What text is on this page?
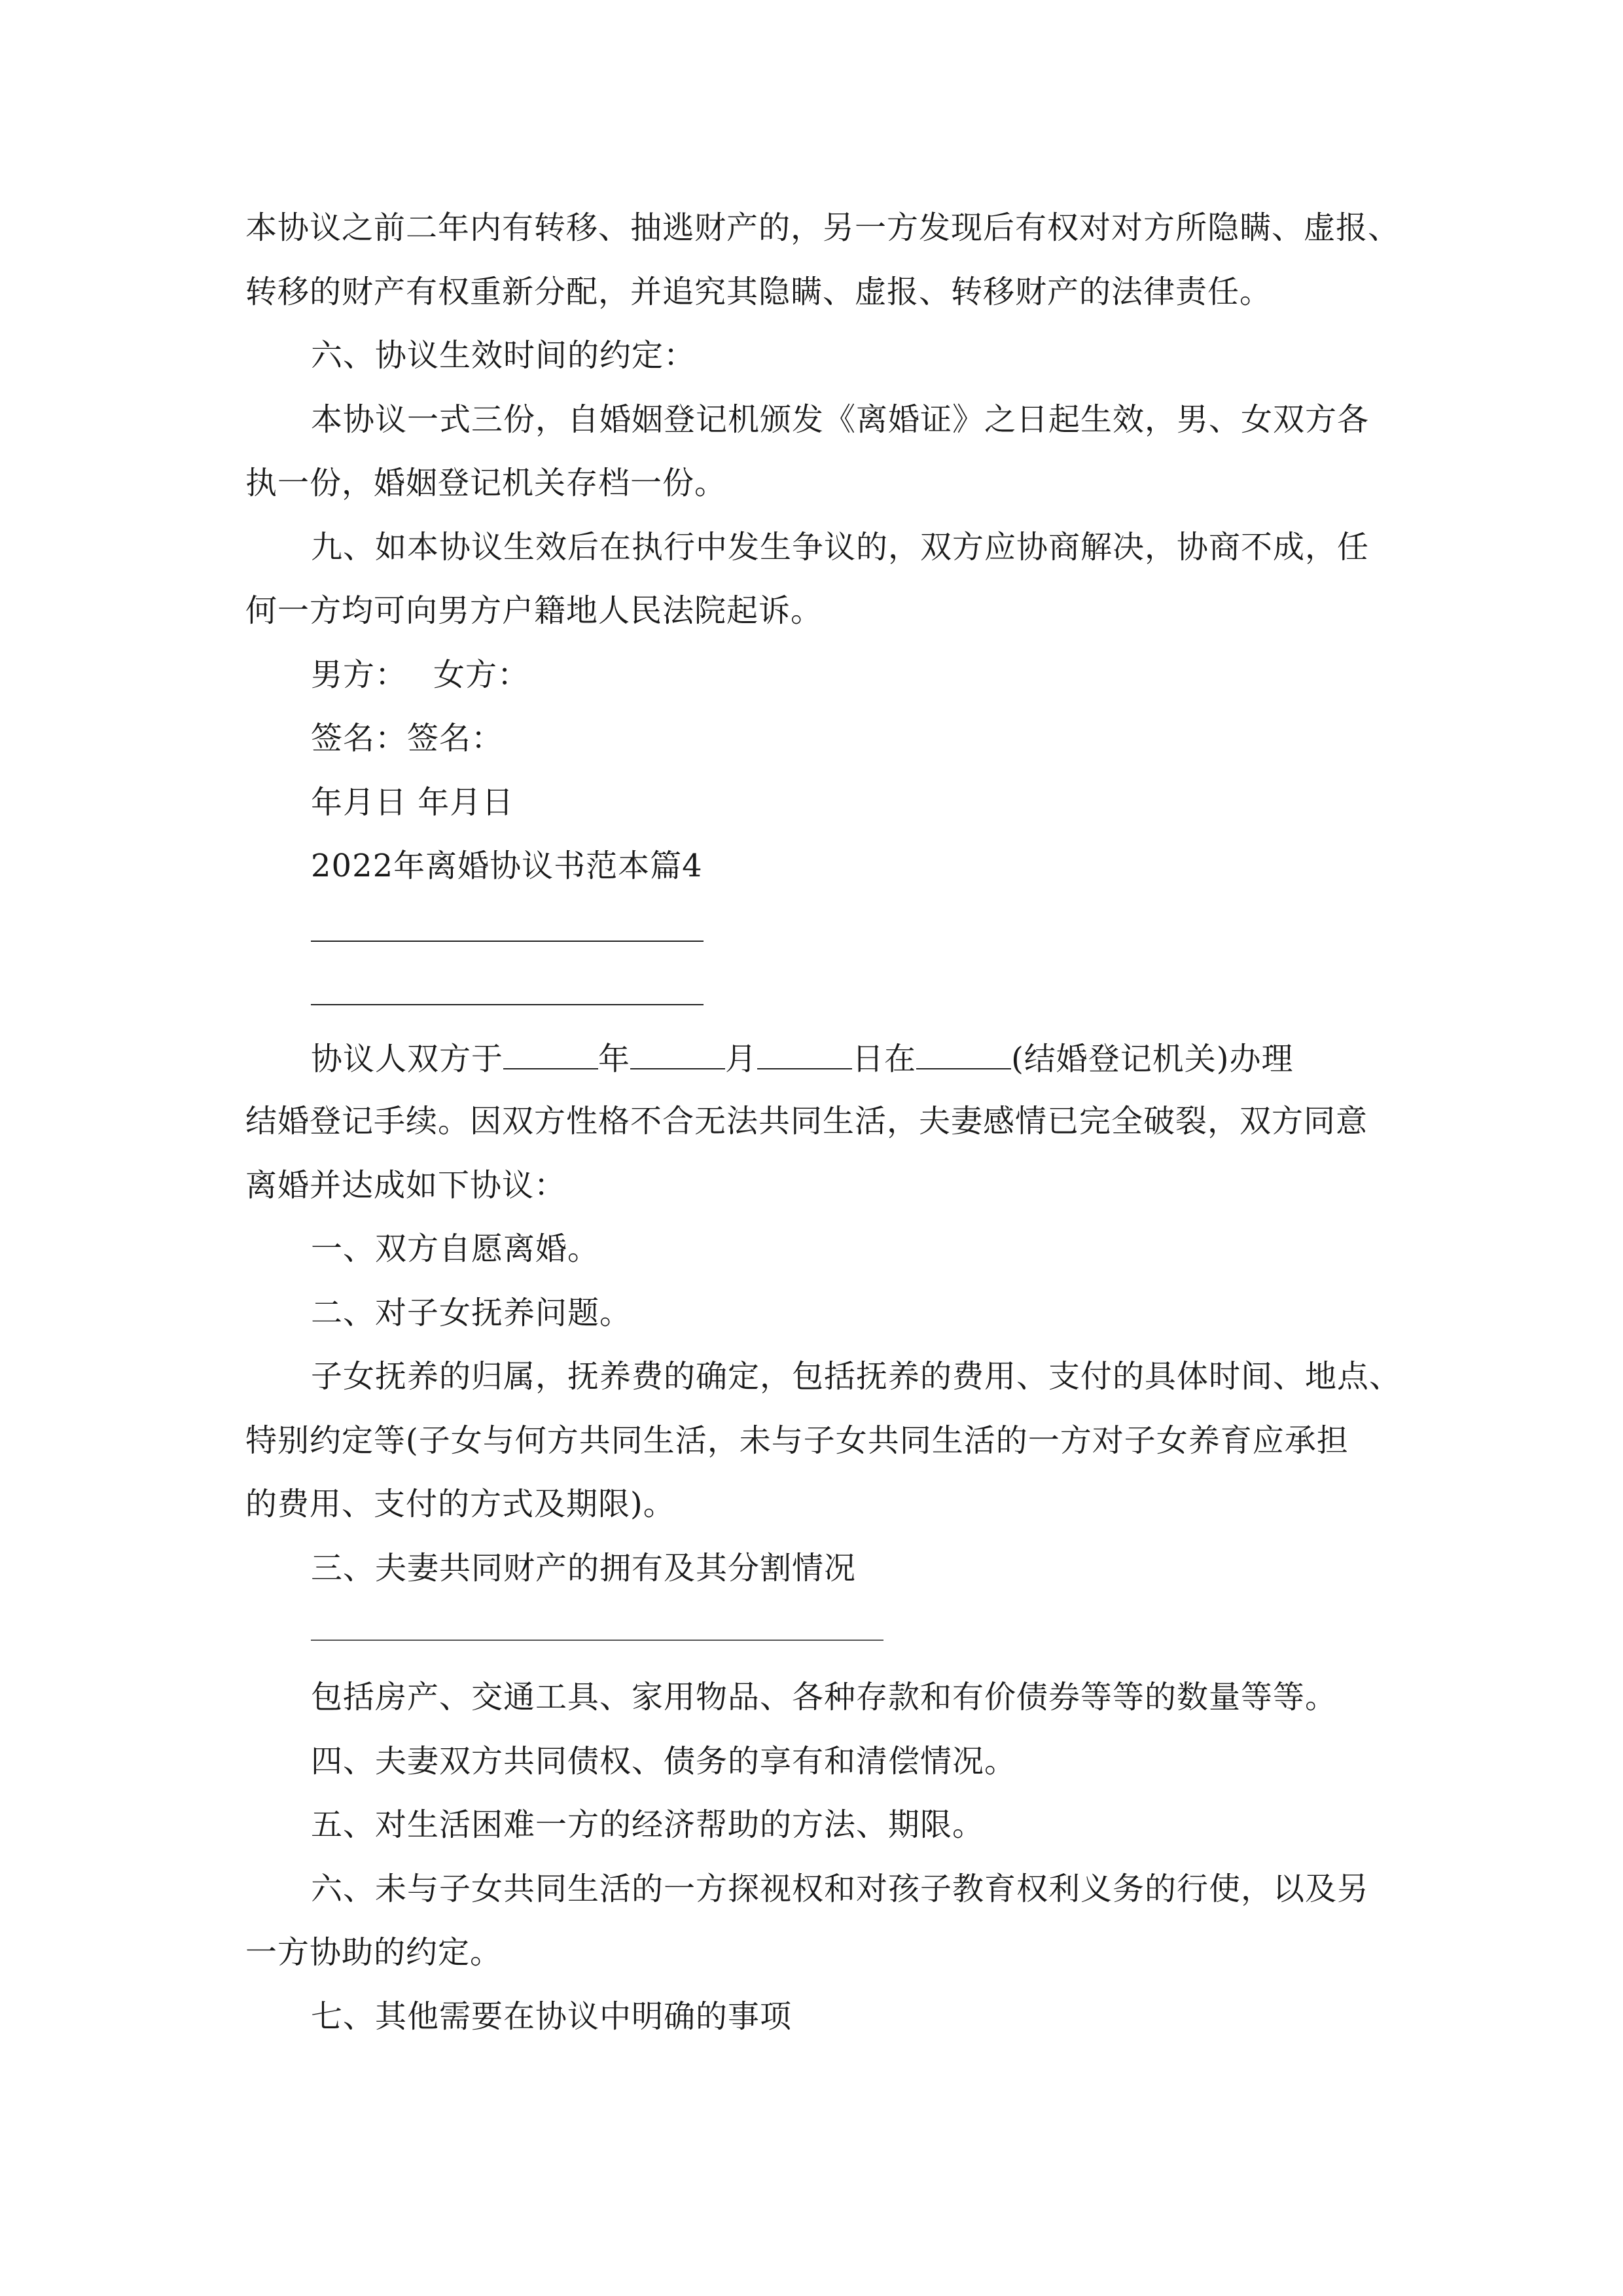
本协议之前二年内有转移、抽逃财产的，另一方发现后有权对对方所隐瞒、虚报、
转移的财产有权重新分配，并追究其隐瞒、虚报、转移财产的法律责任。
六、协议生效时间的约定：
本协议一式三份，自婚姻登记机颁发《离婚证》之日起生效，男、女双方各
执一份，婚姻登记机关存档一份。
九、如本协议生效后在执行中发生争议的，双方应协商解决，协商不成，任
何一方均可向男方户籍地人民法院起诉。
男方： 女方：
签名：签名：
年月日 年月日
2022年离婚协议书范本篇4
协议人双方于	年	月	日在	(结婚登记机关)办理
结婚登记手续。因双方性格不合无法共同生活，夫妻感情已完全破裂，双方同意
离婚并达成如下协议：
一、双方自愿离婚。
二、对子女抚养问题。
子女抚养的归属，抚养费的确定，包括抚养的费用、支付的具体时间、地点、
特别约定等(子女与何方共同生活，未与子女共同生活的一方对子女养育应承担
的费用、支付的方式及期限)。
三、夫妻共同财产的拥有及其分割情况
包括房产、交通工具、家用物品、各种存款和有价债券等等的数量等等。
四、夫妻双方共同债权、债务的享有和清偿情况。
五、对生活困难一方的经济帮助的方法、期限。
六、未与子女共同生活的一方探视权和对孩子教育权利义务的行使，以及另
一方协助的约定。
七、其他需要在协议中明确的事项
